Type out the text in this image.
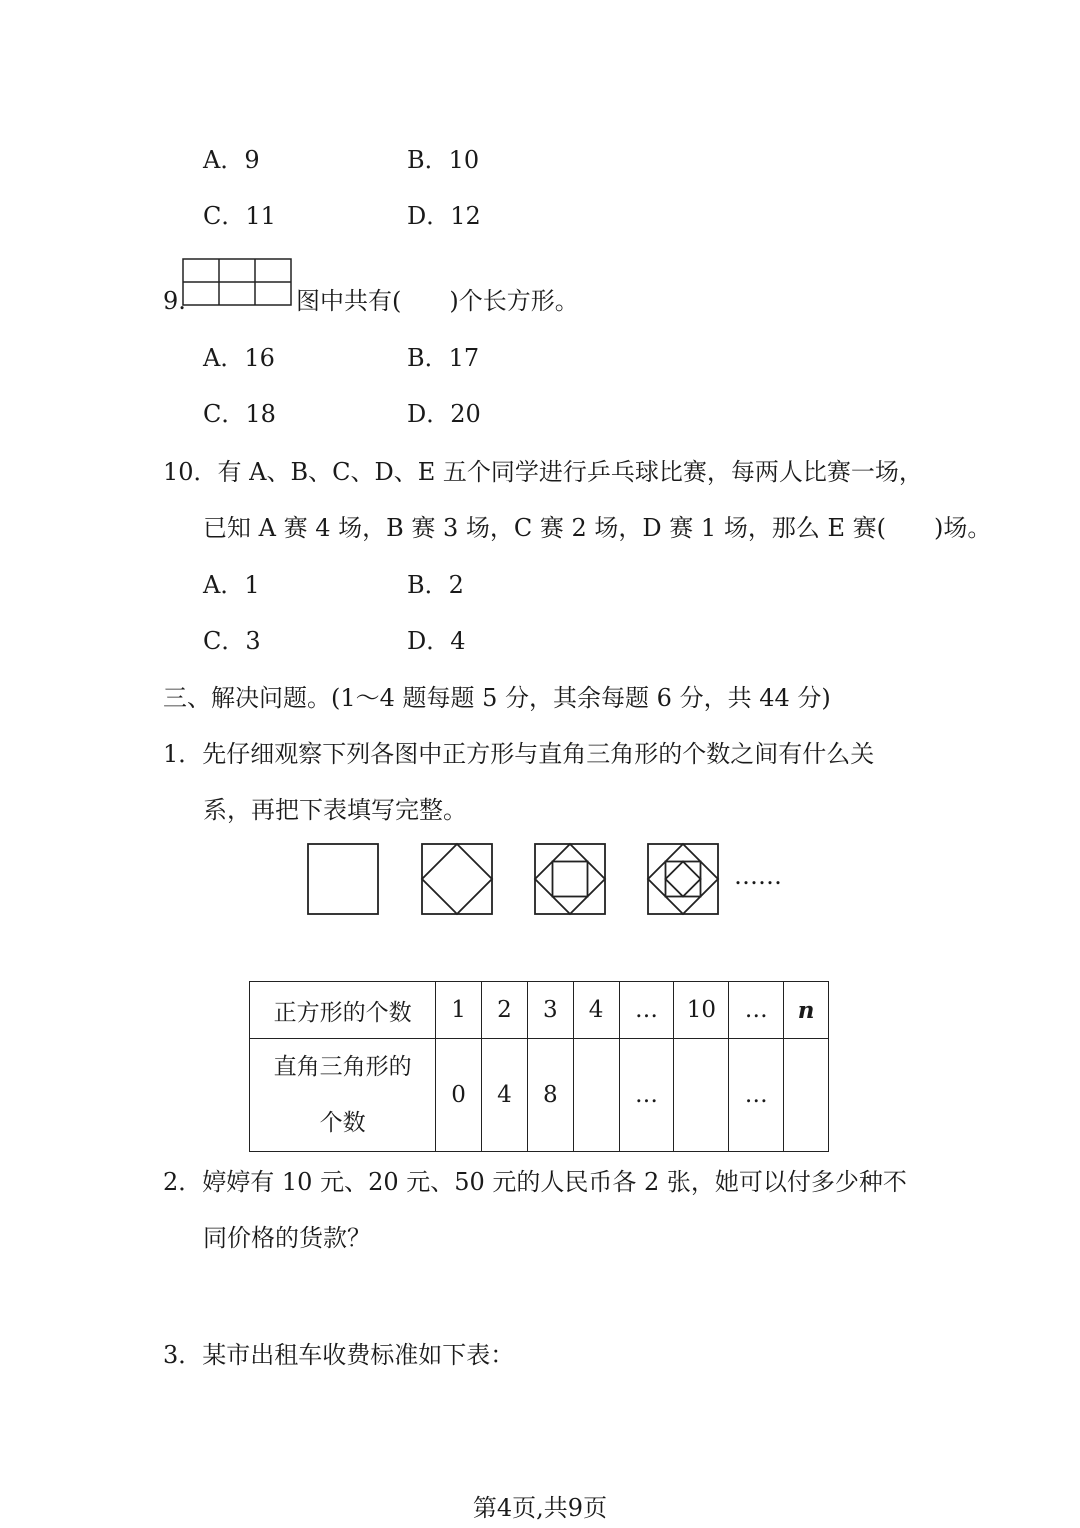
A．9	B．10
C．11	D．12
9.	图中共有(　　)个长方形。
A．16	B．17
C．18	D．20
10．有 A、B、C、D、E 五个同学进行乒乓球比赛，每两人比赛一场，
已知 A 赛 4 场，B 赛 3 场，C 赛 2 场，D 赛 1 场，那么 E 赛(　　)场。
A．1	B．2
C．3	D．4
三、解决问题。(1～4 题每题 5 分，其余每题 6 分，共 44 分)
1．先仔细观察下列各图中正方形与直角三角形的个数之间有什么关
系，再把下表填写完整。
……
正方形的个数	1	2	3	4	…	10	…	n

直角三角形的
个数	0	4	8		…		…	
2．婷婷有 10 元、20 元、50 元的人民币各 2 张，她可以付多少种不
同价格的货款？
3．某市出租车收费标准如下表：
第4页,共9页
